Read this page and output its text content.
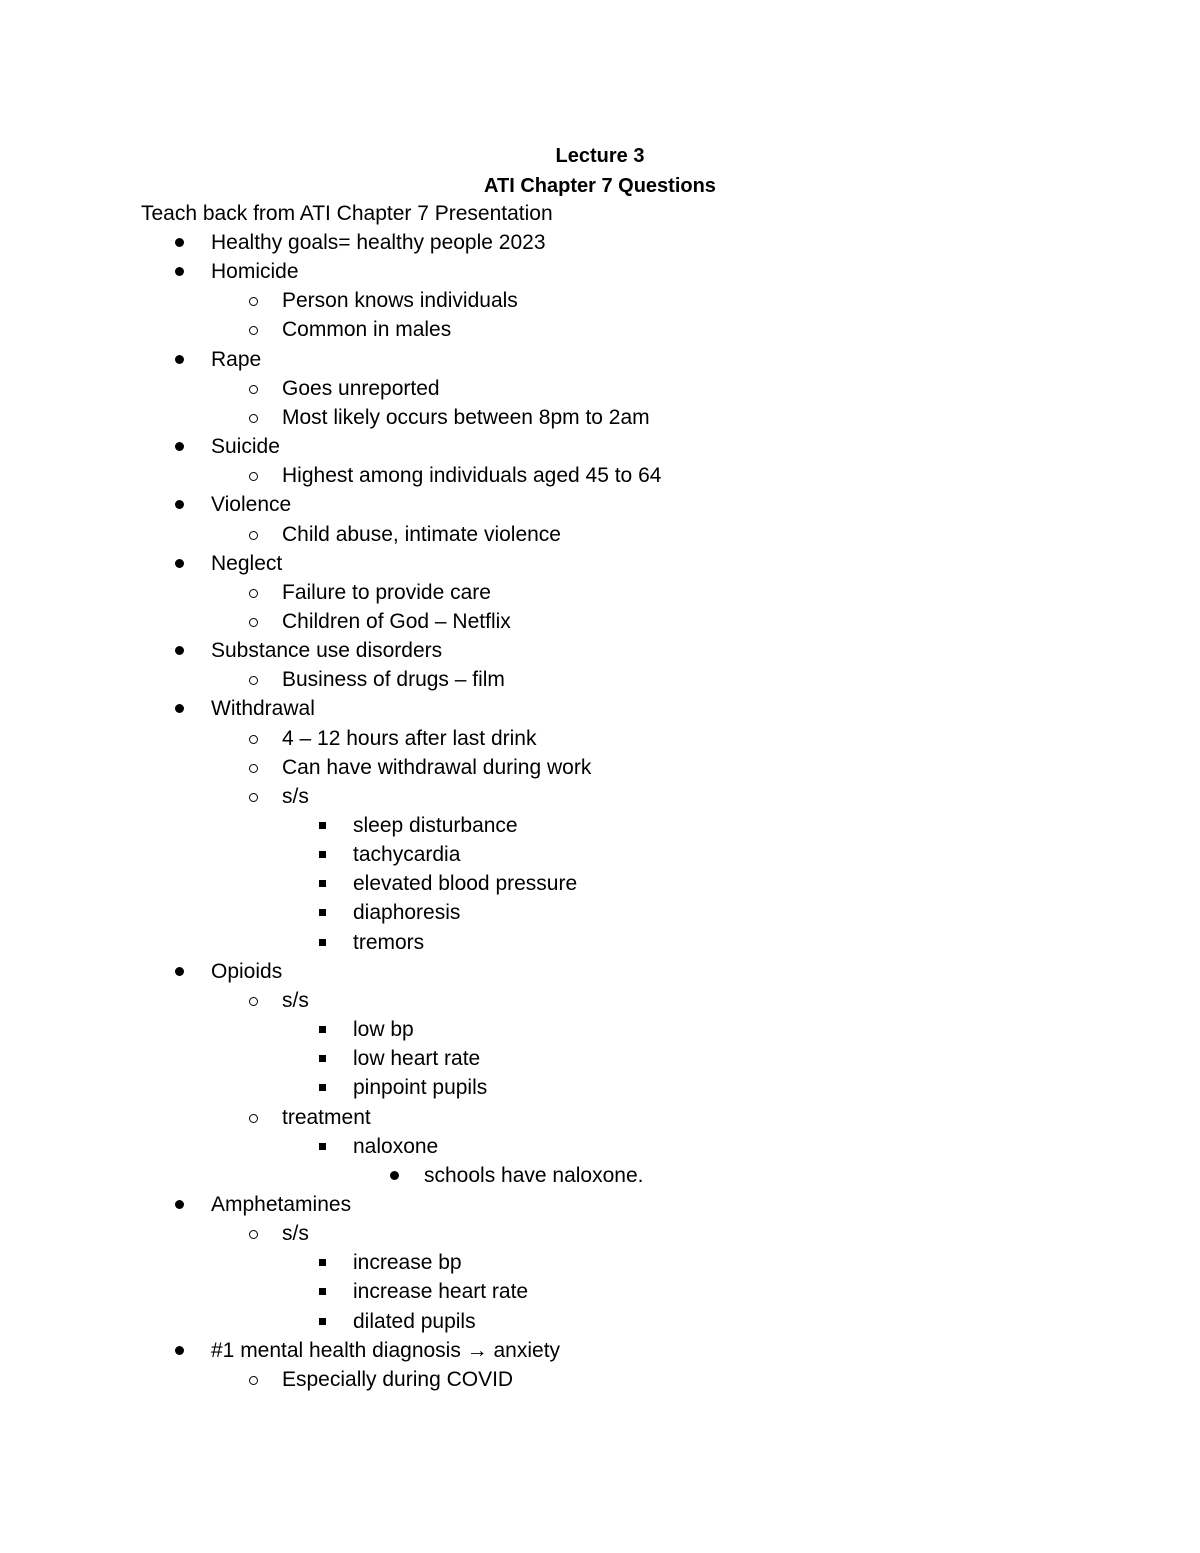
Lecture 3
ATI Chapter 7 Questions
Teach back from ATI Chapter 7 Presentation
Healthy goals= healthy people 2023
Homicide
Person knows individuals
Common in males
Rape
Goes unreported
Most likely occurs between 8pm to 2am
Suicide
Highest among individuals aged 45 to 64
Violence
Child abuse, intimate violence
Neglect
Failure to provide care
Children of God – Netflix
Substance use disorders
Business of drugs – film
Withdrawal
4 – 12 hours after last drink
Can have withdrawal during work
s/s
sleep disturbance
tachycardia
elevated blood pressure
diaphoresis
tremors
Opioids
s/s
low bp
low heart rate
pinpoint pupils
treatment
naloxone
schools have naloxone.
Amphetamines
s/s
increase bp
increase heart rate
dilated pupils
#1 mental health diagnosis → anxiety
Especially during COVID
